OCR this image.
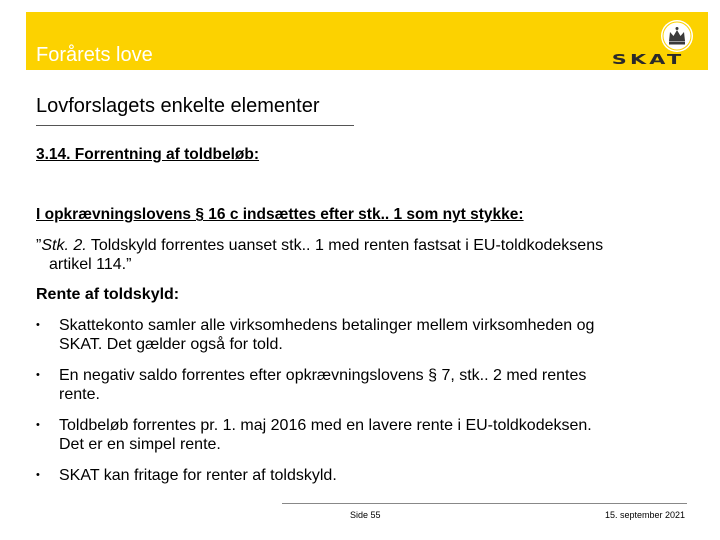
Forårets love	SKAT
Lovforslagets enkelte elementer
3.14. Forrentning af toldbeløb:
I opkrævningslovens § 16 c indsættes efter stk.. 1 som nyt stykke:
”Stk. 2. Toldskyld forrentes uanset stk.. 1 med renten fastsat i EU-toldkodeksens
artikel 114.”
Rente af toldskyld:
• Skattekonto samler alle virksomhedens betalinger mellem virksomheden og
SKAT. Det gælder også for told.
• En negativ saldo forrentes efter opkrævningslovens § 7, stk.. 2 med rentes
rente.
• Toldbeløb forrentes pr. 1. maj 2016 med en lavere rente i EU-toldkodeksen.
Det er en simpel rente.
• SKAT kan fritage for renter af toldskyld.
Side 55	15. september 2021
